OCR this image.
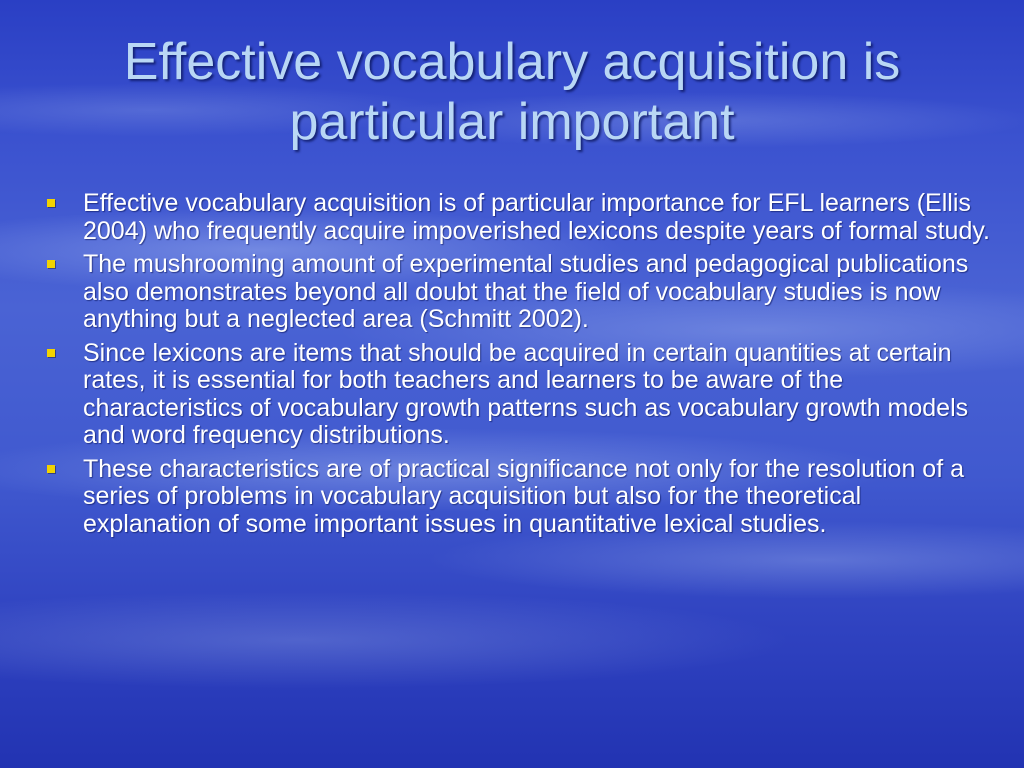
Effective vocabulary acquisition is particular important
Effective vocabulary acquisition is of particular importance for EFL learners (Ellis 2004) who frequently acquire impoverished lexicons despite years of formal study.
The mushrooming amount of experimental studies and pedagogical publications also demonstrates beyond all doubt that the field of vocabulary studies is now anything but a neglected area (Schmitt 2002).
Since lexicons are items that should be acquired in certain quantities at certain rates, it is essential for both teachers and learners to be aware of the characteristics of vocabulary growth patterns such as vocabulary growth models and word frequency distributions.
These characteristics are of practical significance not only for the resolution of a series of problems in vocabulary acquisition but also for the theoretical explanation of some important issues in quantitative lexical studies.
